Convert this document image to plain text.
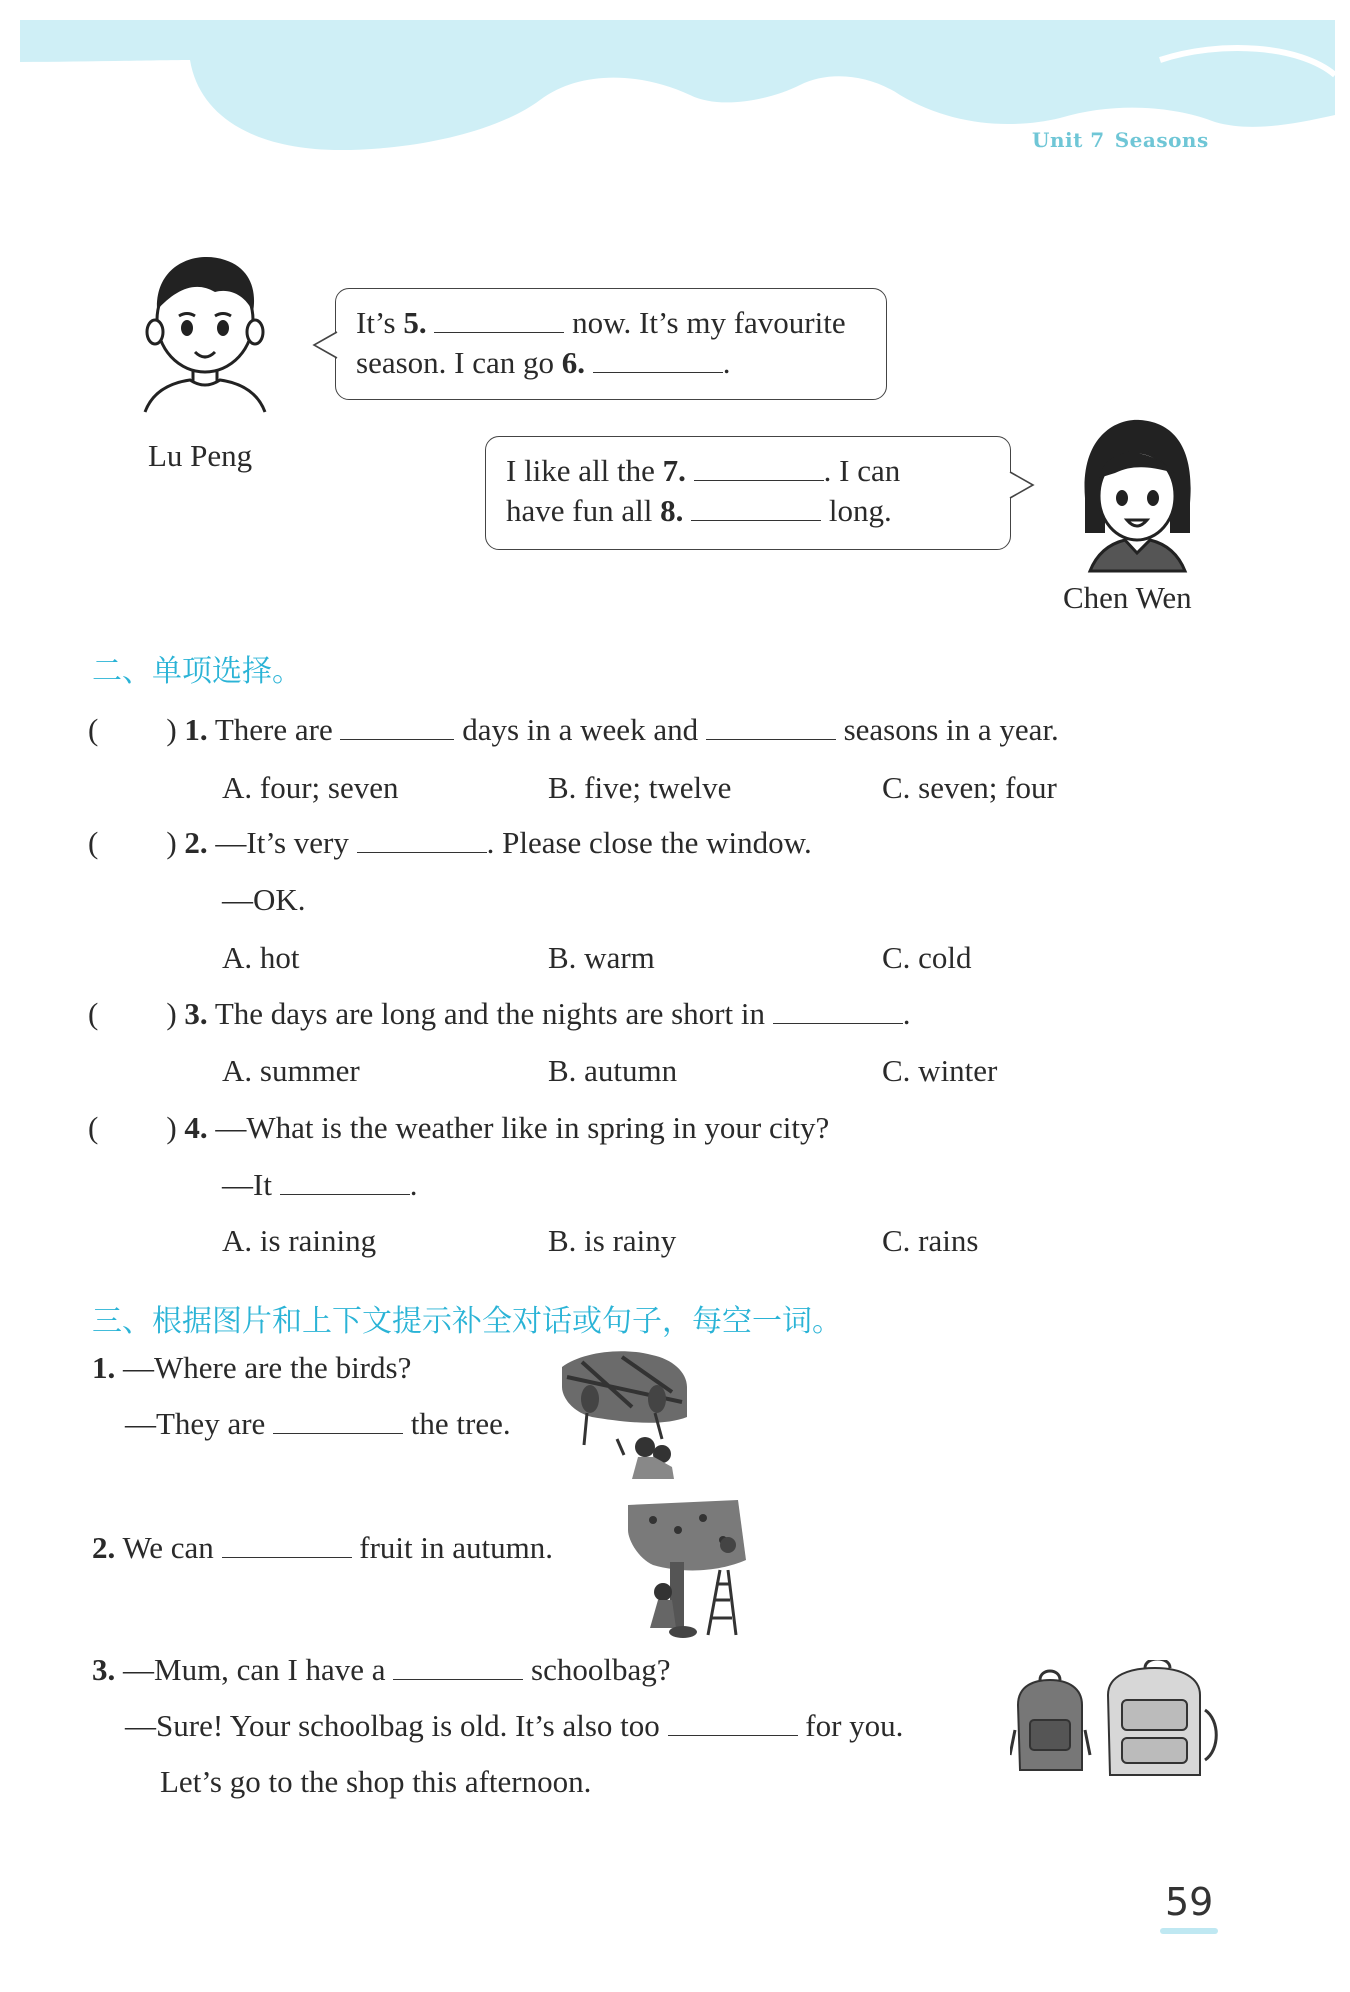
Unit 7 Seasons
Lu Peng
It’s 5.	now. It’s my favourite
season. I can go 6.	.
I like all the 7.	. I can
have fun all 8.	long.
Chen Wen
二、单项选择。
( ) 1. There are	days in a week and	seasons in a year.
A. four; seven	B. five; twelve	C. seven; four
( ) 2. —It’s very	. Please close the window.
—OK.
A. hot	B. warm	C. cold
( ) 3. The days are long and the nights are short in	.
A. summer	B. autumn	C. winter
( ) 4. —What is the weather like in spring in your city?
—It	.
A. is raining	B. is rainy	C. rains
三、根据图片和上下文提示补全对话或句子，每空一词。
1. —Where are the birds?
—They are	the tree.
2. We can	fruit in autumn.
3. —Mum, can I have a	schoolbag?
—Sure! Your schoolbag is old. It’s also too	for you.
Let’s go to the shop this afternoon.
59
